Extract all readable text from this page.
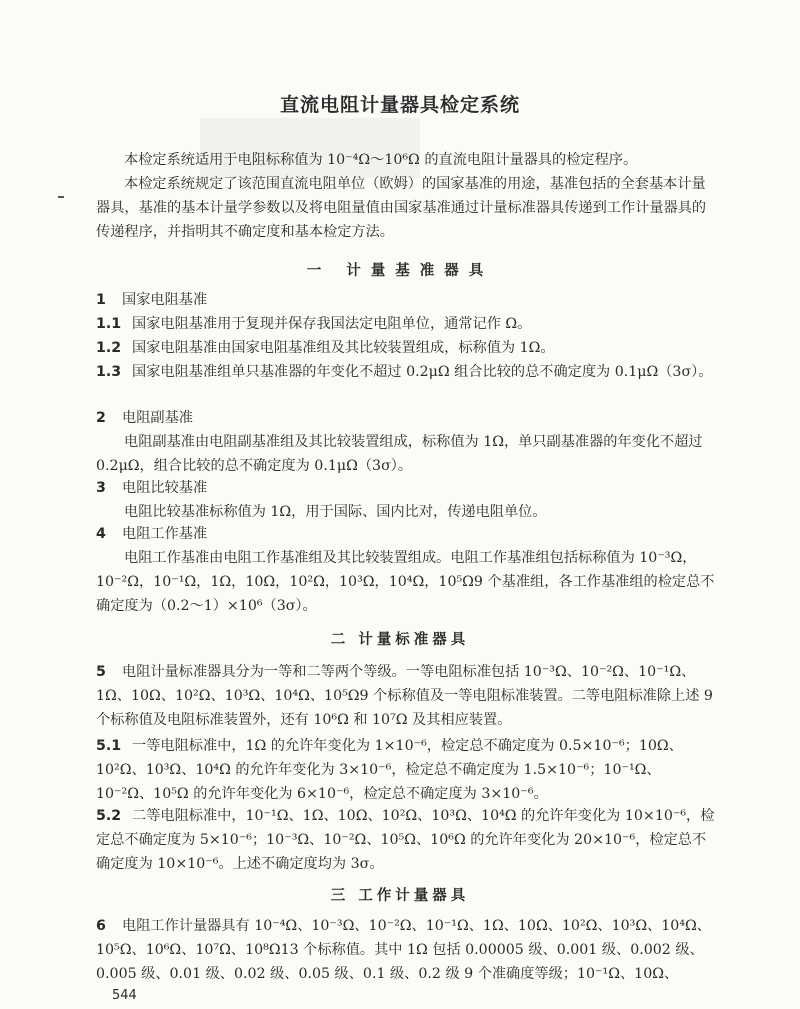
直流电阻计量器具检定系统

本检定系统适用于电阻标称值为 10⁻⁴Ω～10⁶Ω 的直流电阻计量器具的检定程序。

本检定系统规定了该范围直流电阻单位（欧姆）的国家基准的用途，基准包括的全套基本计量器具，基准的基本计量学参数以及将电阻量值由国家基准通过计量标准器具传递到工作计量器具的传递程序，并指明其不确定度和基本检定方法。

一 计量基准器具

1 国家电阻基准

1.1 国家电阻基准用于复现并保存我国法定电阻单位，通常记作 Ω。

1.2 国家电阻基准由国家电阻基准组及其比较装置组成，标称值为 1Ω。

1.3 国家电阻基准组单只基准器的年变化不超过 0.2μΩ 组合比较的总不确定度为 0.1μΩ（3σ）。

2 电阻副基准

电阻副基准由电阻副基准组及其比较装置组成，标称值为 1Ω，单只副基准器的年变化不超过 0.2μΩ，组合比较的总不确定度为 0.1μΩ（3σ）。

3 电阻比较基准

电阻比较基准标称值为 1Ω，用于国际、国内比对，传递电阻单位。

4 电阻工作基准

电阻工作基准由电阻工作基准组及其比较装置组成。电阻工作基准组包括标称值为 10⁻³Ω，10⁻²Ω，10⁻¹Ω，1Ω，10Ω，10²Ω，10³Ω，10⁴Ω，10⁵Ω9 个基准组，各工作基准组的检定总不确定度为（0.2～1）×10⁶（3σ）。

二 计量标准器具

5 电阻计量标准器具分为一等和二等两个等级。一等电阻标准包括 10⁻³Ω、10⁻²Ω、10⁻¹Ω、1Ω、10Ω、10²Ω、10³Ω、10⁴Ω、10⁵Ω9 个标称值及一等电阻标准装置。二等电阻标准除上述 9 个标称值及电阻标准装置外，还有 10⁶Ω 和 10⁷Ω 及其相应装置。

5.1 一等电阻标准中，1Ω 的允许年变化为 1×10⁻⁶，检定总不确定度为 0.5×10⁻⁶；10Ω、10²Ω、10³Ω、10⁴Ω 的允许年变化为 3×10⁻⁶，检定总不确定度为 1.5×10⁻⁶；10⁻¹Ω、10⁻²Ω、10⁵Ω 的允许年变化为 6×10⁻⁶，检定总不确定度为 3×10⁻⁶。

5.2 二等电阻标准中，10⁻¹Ω、1Ω、10Ω、10²Ω、10³Ω、10⁴Ω 的允许年变化为 10×10⁻⁶，检定总不确定度为 5×10⁻⁶；10⁻³Ω、10⁻²Ω、10⁵Ω、10⁶Ω 的允许年变化为 20×10⁻⁶，检定总不确定度为 10×10⁻⁶。上述不确定度均为 3σ。

三 工作计量器具

6 电阻工作计量器具有 10⁻⁴Ω、10⁻³Ω、10⁻²Ω、10⁻¹Ω、1Ω、10Ω、10²Ω、10³Ω、10⁴Ω、10⁵Ω、10⁶Ω、10⁷Ω、10⁸Ω13 个标称值。其中 1Ω 包括 0.00005 级、0.001 级、0.002 级、0.005 级、0.01 级、0.02 级、0.05 级、0.1 级、0.2 级 9 个准确度等级；10⁻¹Ω、10Ω、

544
